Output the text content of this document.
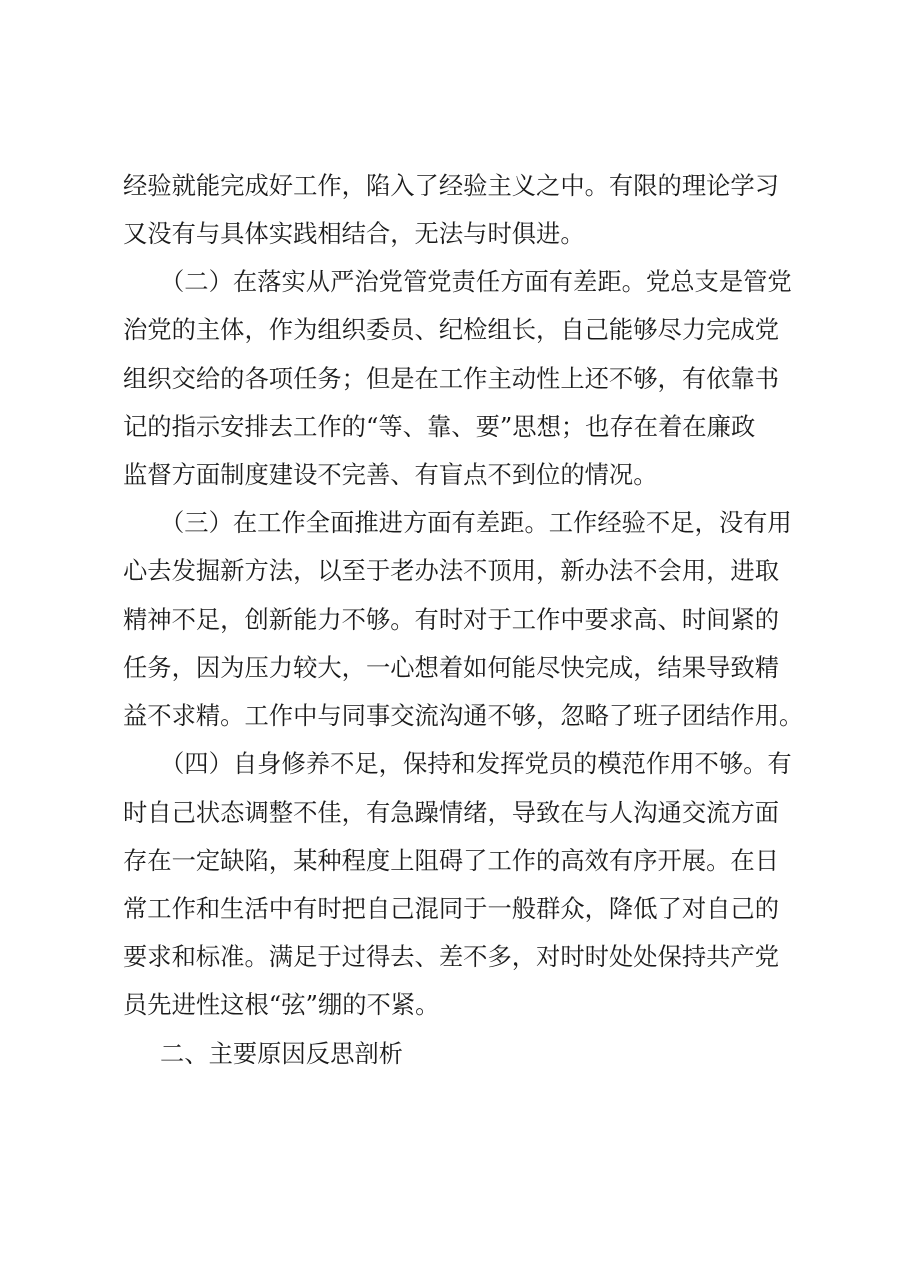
经验就能完成好工作，陷入了经验主义之中。有限的理论学习
又没有与具体实践相结合，无法与时俱进。
（二）在落实从严治党管党责任方面有差距。党总支是管党
治党的主体，作为组织委员、纪检组长，自己能够尽力完成党
组织交给的各项任务；但是在工作主动性上还不够，有依靠书
记的指示安排去工作的“等、靠、要”思想；也存在着在廉政
监督方面制度建设不完善、有盲点不到位的情况。
（三）在工作全面推进方面有差距。工作经验不足，没有用
心去发掘新方法，以至于老办法不顶用，新办法不会用，进取
精神不足，创新能力不够。有时对于工作中要求高、时间紧的
任务，因为压力较大，一心想着如何能尽快完成，结果导致精
益不求精。工作中与同事交流沟通不够，忽略了班子团结作用。
（四）自身修养不足，保持和发挥党员的模范作用不够。有
时自己状态调整不佳，有急躁情绪，导致在与人沟通交流方面
存在一定缺陷，某种程度上阻碍了工作的高效有序开展。在日
常工作和生活中有时把自己混同于一般群众，降低了对自己的
要求和标准。满足于过得去、差不多，对时时处处保持共产党
员先进性这根“弦”绷的不紧。
二、主要原因反思剖析
